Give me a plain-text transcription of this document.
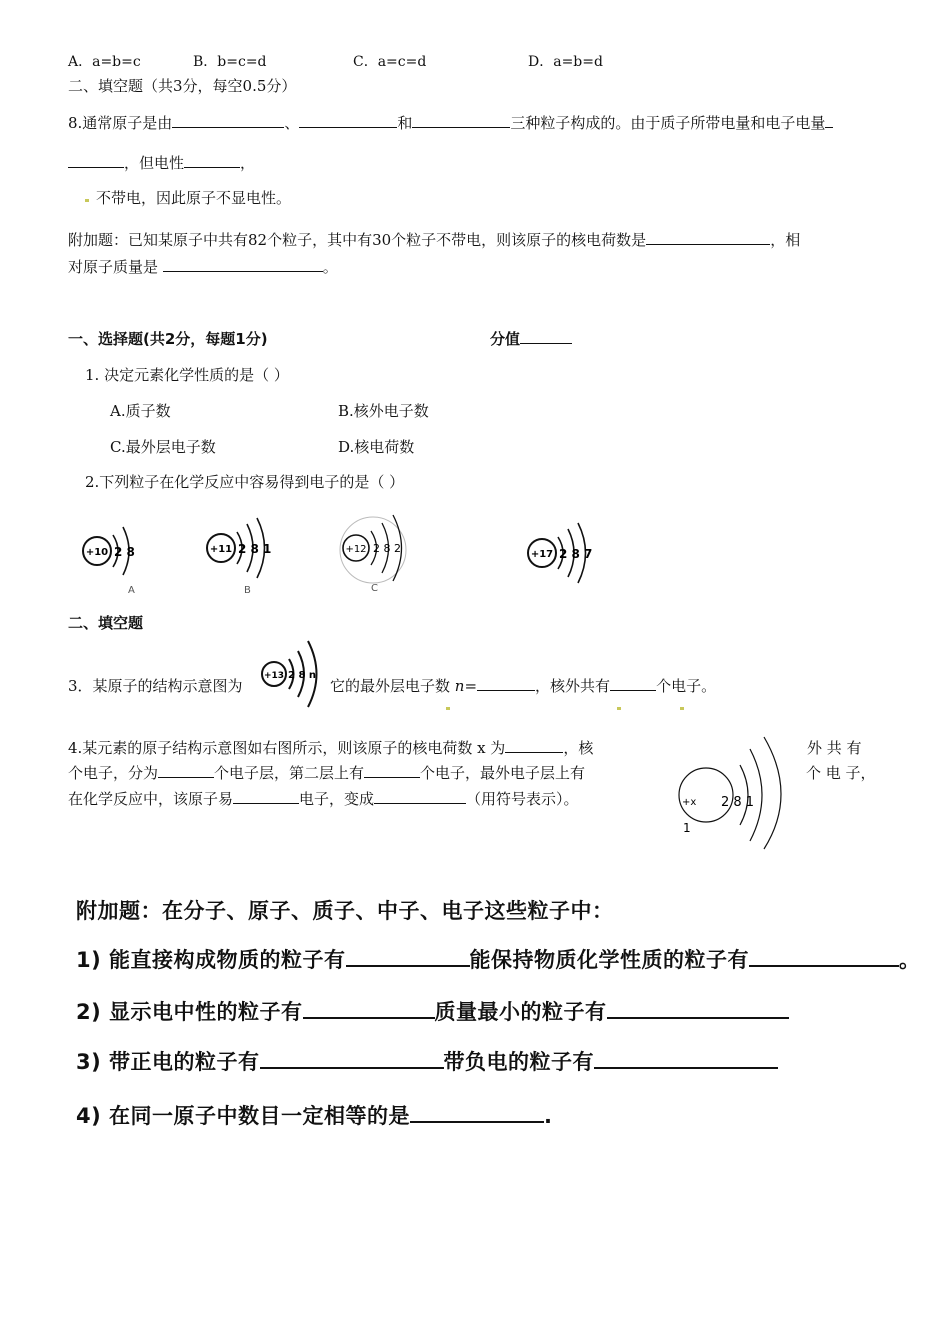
A．a=b=c	B．b=c=d	C．a=c=d	D．a=b=d
二、填空题（共3分，每空0.5分）
8.通常原子是由	、	和	三种粒子构成的。由于质子所带电量和电子电量
，但电性	，
不带电，因此原子不显电性。
附加题：已知某原子中共有82个粒子，其中有30个粒子不带电，则该原子的核电荷数是	，相
对原子质量是	。
一、选择题(共2分，每题1分)	分值
1. 决定元素化学性质的是（ ）
A.质子数	B.核外电子数
C.最外层电子数	D.核电荷数
2.下列粒子在化学反应中容易得到电子的是（ ）
+10 2 8
A
+11 2 8 1
B
+12 2 8 2
C
+17 2 8 7
二、填空题
3．某原子的结构示意图为
+13 2 8 n
它的最外层电子数 n=	，核外共有	个电子。
4.某元素的原子结构示意图如右图所示，则该原子的核电荷数 x 为	，核	外 共 有
个电子，分为	个电子层，第二层上有	个电子，最外电子层上有	个 电 子，
在化学反应中，该原子易	电子，变成	（用符号表示）。	+x 2 8 1
1
附加题：在分子、原子、质子、中子、电子这些粒子中：
1) 能直接构成物质的粒子有	能保持物质化学性质的粒子有	。
2) 显示电中性的粒子有	质量最小的粒子有
3) 带正电的粒子有	带负电的粒子有
4) 在同一原子中数目一定相等的是	.
